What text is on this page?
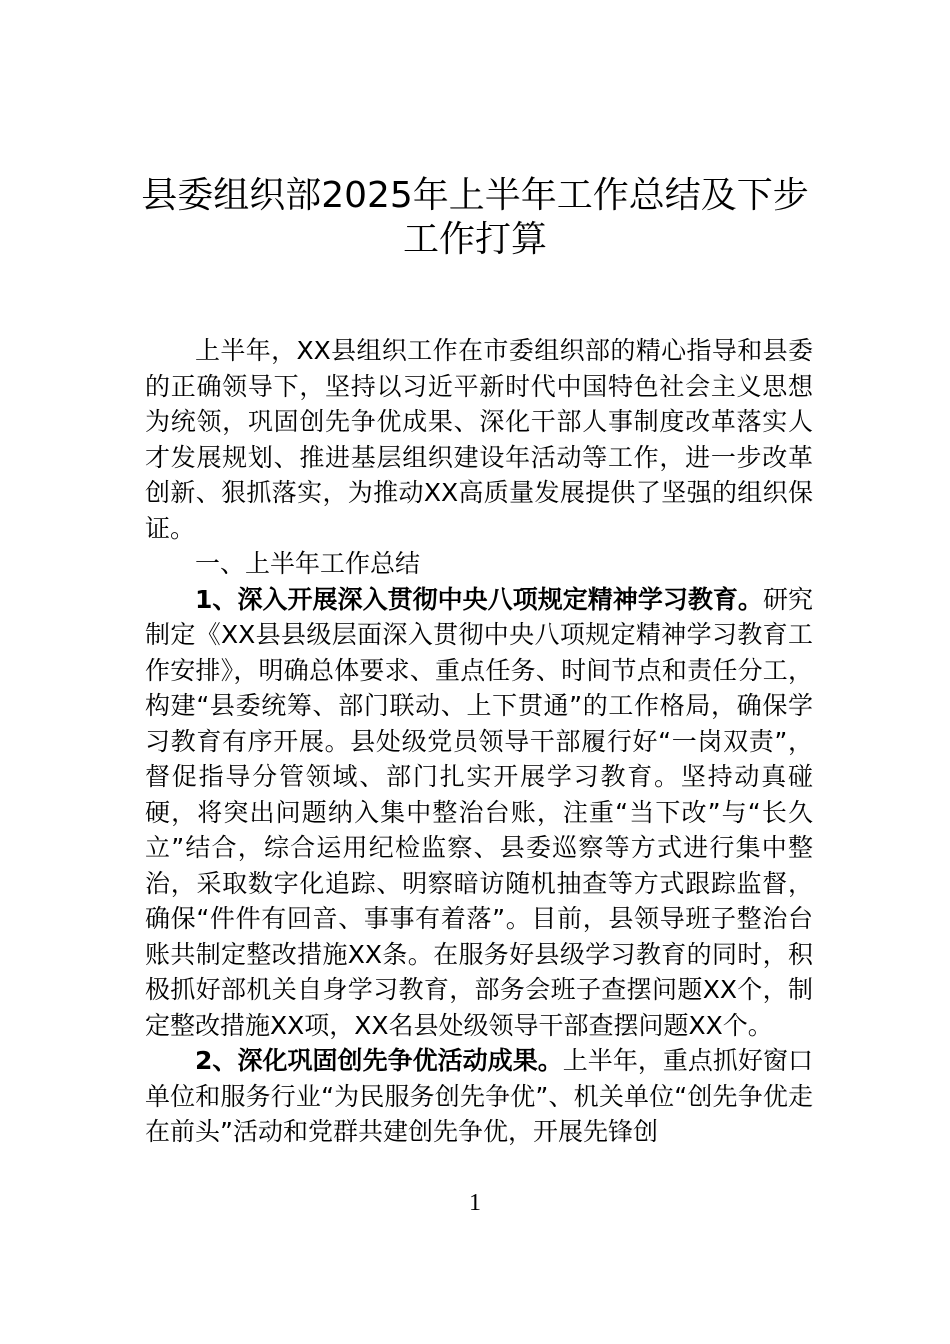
县委组织部2025年上半年工作总结及下步
工作打算

上半年，XX县组织工作在市委组织部的精心指导和县委的正确领导下，坚持以习近平新时代中国特色社会主义思想为统领，巩固创先争优成果、深化干部人事制度改革落实人才发展规划、推进基层组织建设年活动等工作，进一步改革创新、狠抓落实，为推动XX高质量发展提供了坚强的组织保证。

一、上半年工作总结

1、深入开展深入贯彻中央八项规定精神学习教育。研究制定《XX县县级层面深入贯彻中央八项规定精神学习教育工作安排》，明确总体要求、重点任务、时间节点和责任分工，构建“县委统筹、部门联动、上下贯通”的工作格局，确保学习教育有序开展。县处级党员领导干部履行好“一岗双责”，督促指导分管领域、部门扎实开展学习教育。坚持动真碰硬，将突出问题纳入集中整治台账，注重“当下改”与“长久立”结合，综合运用纪检监察、县委巡察等方式进行集中整治，采取数字化追踪、明察暗访随机抽查等方式跟踪监督，确保“件件有回音、事事有着落”。目前，县领导班子整治台账共制定整改措施XX条。在服务好县级学习教育的同时，积极抓好部机关自身学习教育，部务会班子查摆问题XX个，制定整改措施XX项，XX名县处级领导干部查摆问题XX个。

2、深化巩固创先争优活动成果。上半年，重点抓好窗口单位和服务行业“为民服务创先争优”、机关单位“创先争优走在前头”活动和党群共建创先争优，开展先锋创

1
